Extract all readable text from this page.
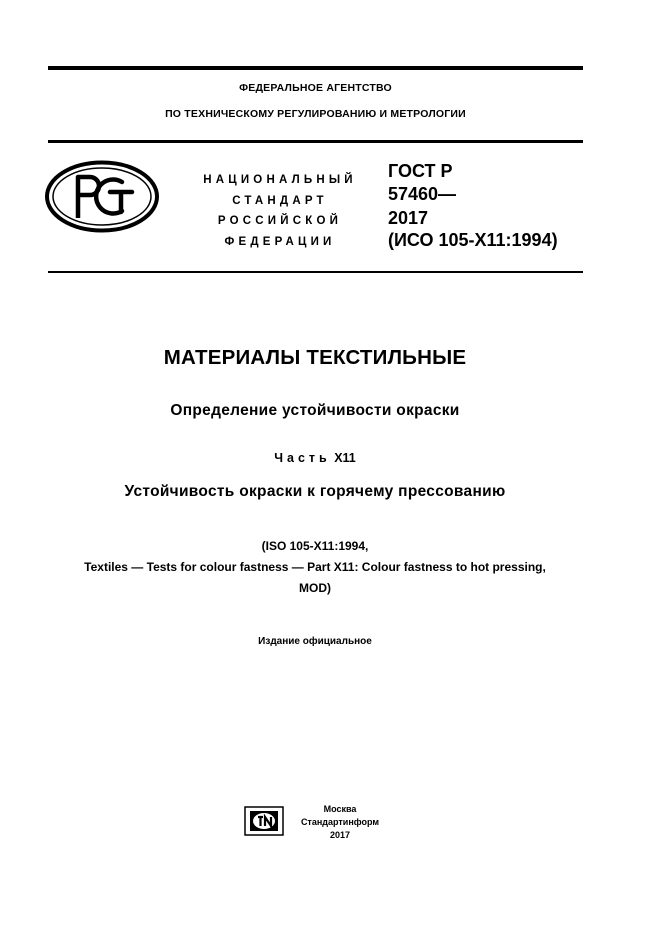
ФЕДЕРАЛЬНОЕ АГЕНТСТВО
ПО ТЕХНИЧЕСКОМУ РЕГУЛИРОВАНИЮ И МЕТРОЛОГИИ
НАЦИОНАЛЬНЫЙ
СТАНДАРТ
РОССИЙСКОЙ
ФЕДЕРАЦИИ
ГОСТ Р
57460—
2017
(ИСО 105-X11:1994)
МАТЕРИАЛЫ ТЕКСТИЛЬНЫЕ
Определение устойчивости окраски
Часть X11
Устойчивость окраски к горячему прессованию
(ISO 105-X11:1994,
Textiles — Tests for colour fastness — Part X11: Colour fastness to hot pressing,
MOD)
Издание официальное
Москва
Стандартинформ
2017
